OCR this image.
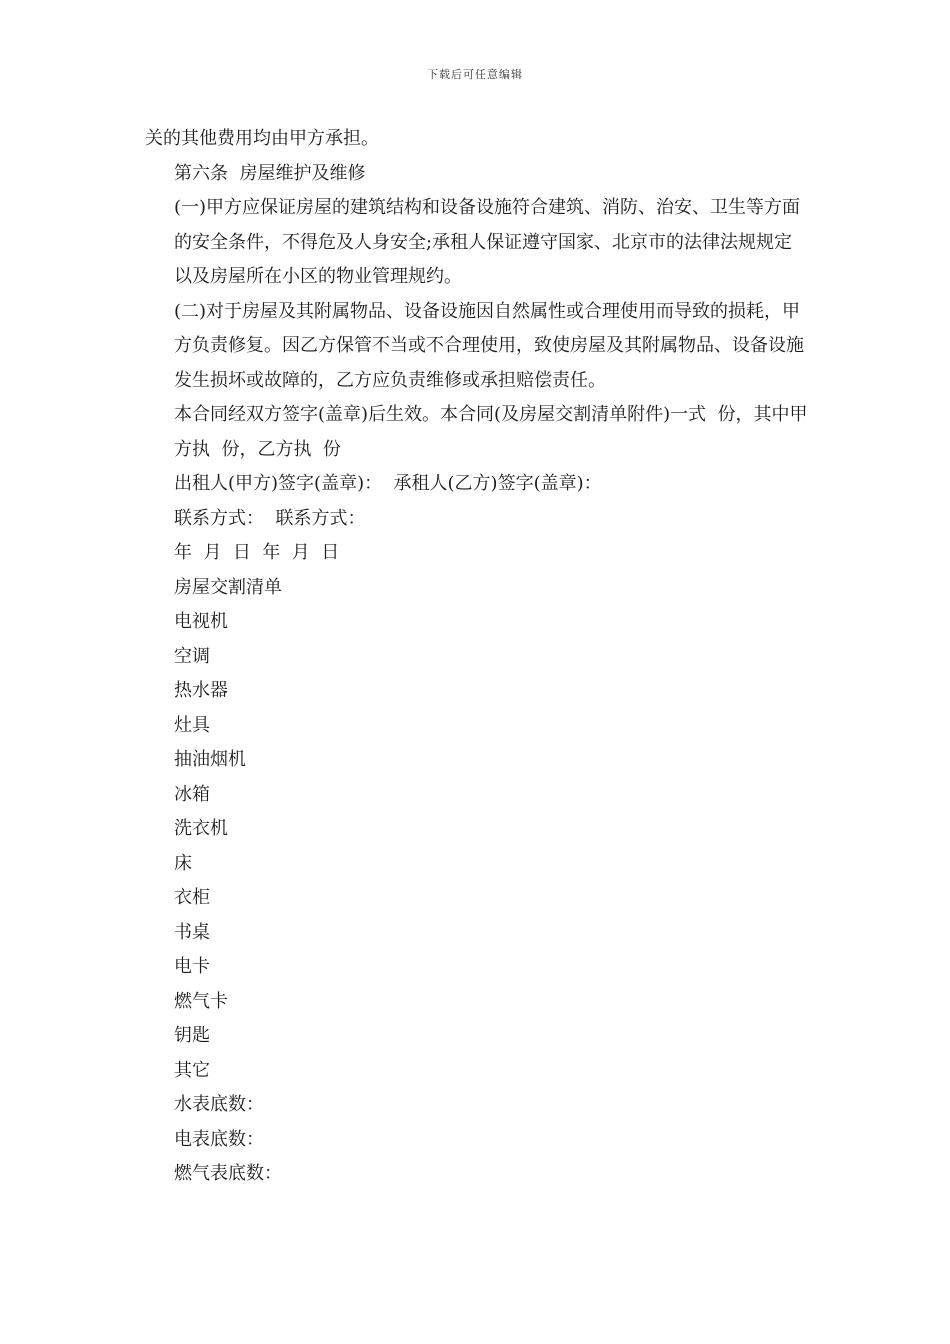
下载后可任意编辑

关的其他费用均由甲方承担。

第六条  房屋维护及维修

(一)甲方应保证房屋的建筑结构和设备设施符合建筑、消防、治安、卫生等方面的安全条件，不得危及人身安全;承租人保证遵守国家、北京市的法律法规规定以及房屋所在小区的物业管理规约。

(二)对于房屋及其附属物品、设备设施因自然属性或合理使用而导致的损耗，甲方负责修复。因乙方保管不当或不合理使用，致使房屋及其附属物品、设备设施发生损坏或故障的，乙方应负责维修或承担赔偿责任。

本合同经双方签字(盖章)后生效。本合同(及房屋交割清单附件)一式  份，其中甲方执  份，乙方执  份

出租人(甲方)签字(盖章)：  承租人(乙方)签字(盖章)：

联系方式：  联系方式：

年  月  日  年  月  日

房屋交割清单

电视机

空调

热水器

灶具

抽油烟机

冰箱

洗衣机

床

衣柜

书桌

电卡

燃气卡

钥匙

其它

水表底数：

电表底数：

燃气表底数：
